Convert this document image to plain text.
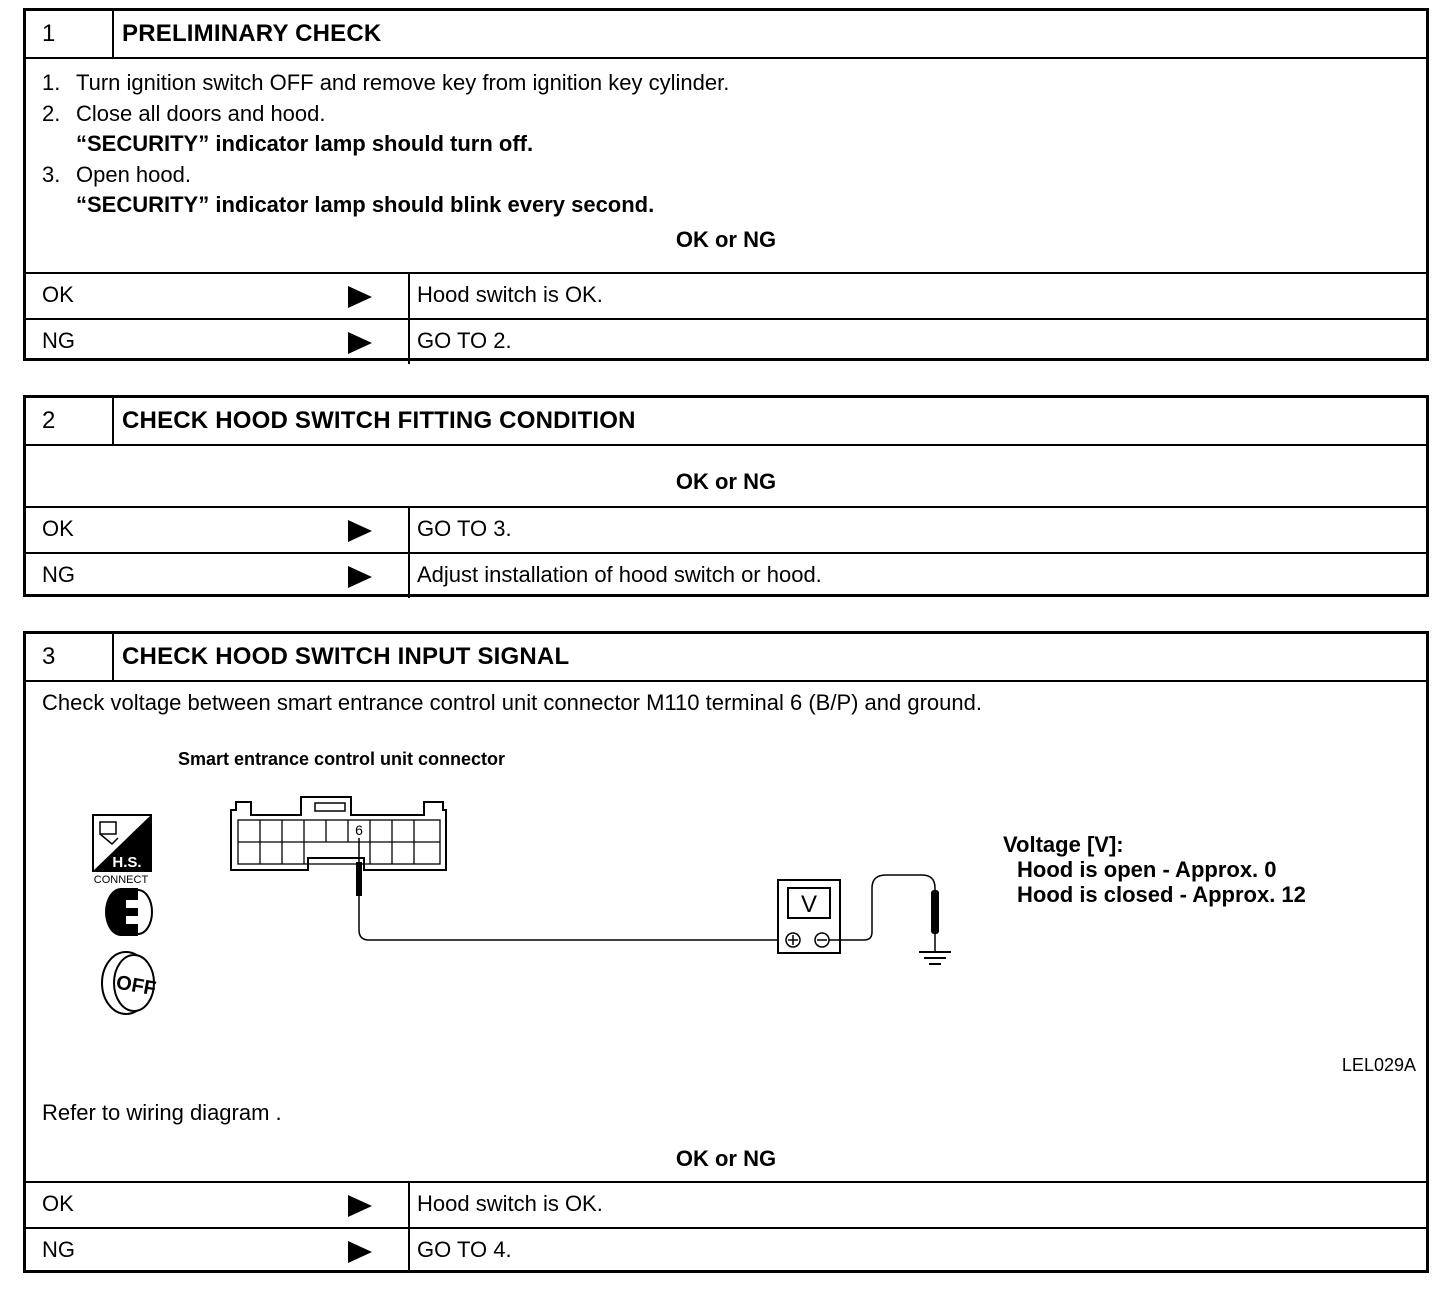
1	PRELIMINARY CHECK
1. Turn ignition switch OFF and remove key from ignition key cylinder.
2. Close all doors and hood.
“SECURITY” indicator lamp should turn off.
3. Open hood.
“SECURITY” indicator lamp should blink every second.
OK or NG
OK	Hood switch is OK.
NG	GO TO 2.
2	CHECK HOOD SWITCH FITTING CONDITION
OK or NG
OK	GO TO 3.
NG	Adjust installation of hood switch or hood.
3	CHECK HOOD SWITCH INPUT SIGNAL
Check voltage between smart entrance control unit connector M110 terminal 6 (B/P) and ground.
Smart entrance control unit connector
H.S.
CONNECT
OFF
6
V
Voltage [V]:
Hood is open - Approx. 0
Hood is closed - Approx. 12
LEL029A
Refer to wiring diagram .
OK or NG
OK	Hood switch is OK.
NG	GO TO 4.
